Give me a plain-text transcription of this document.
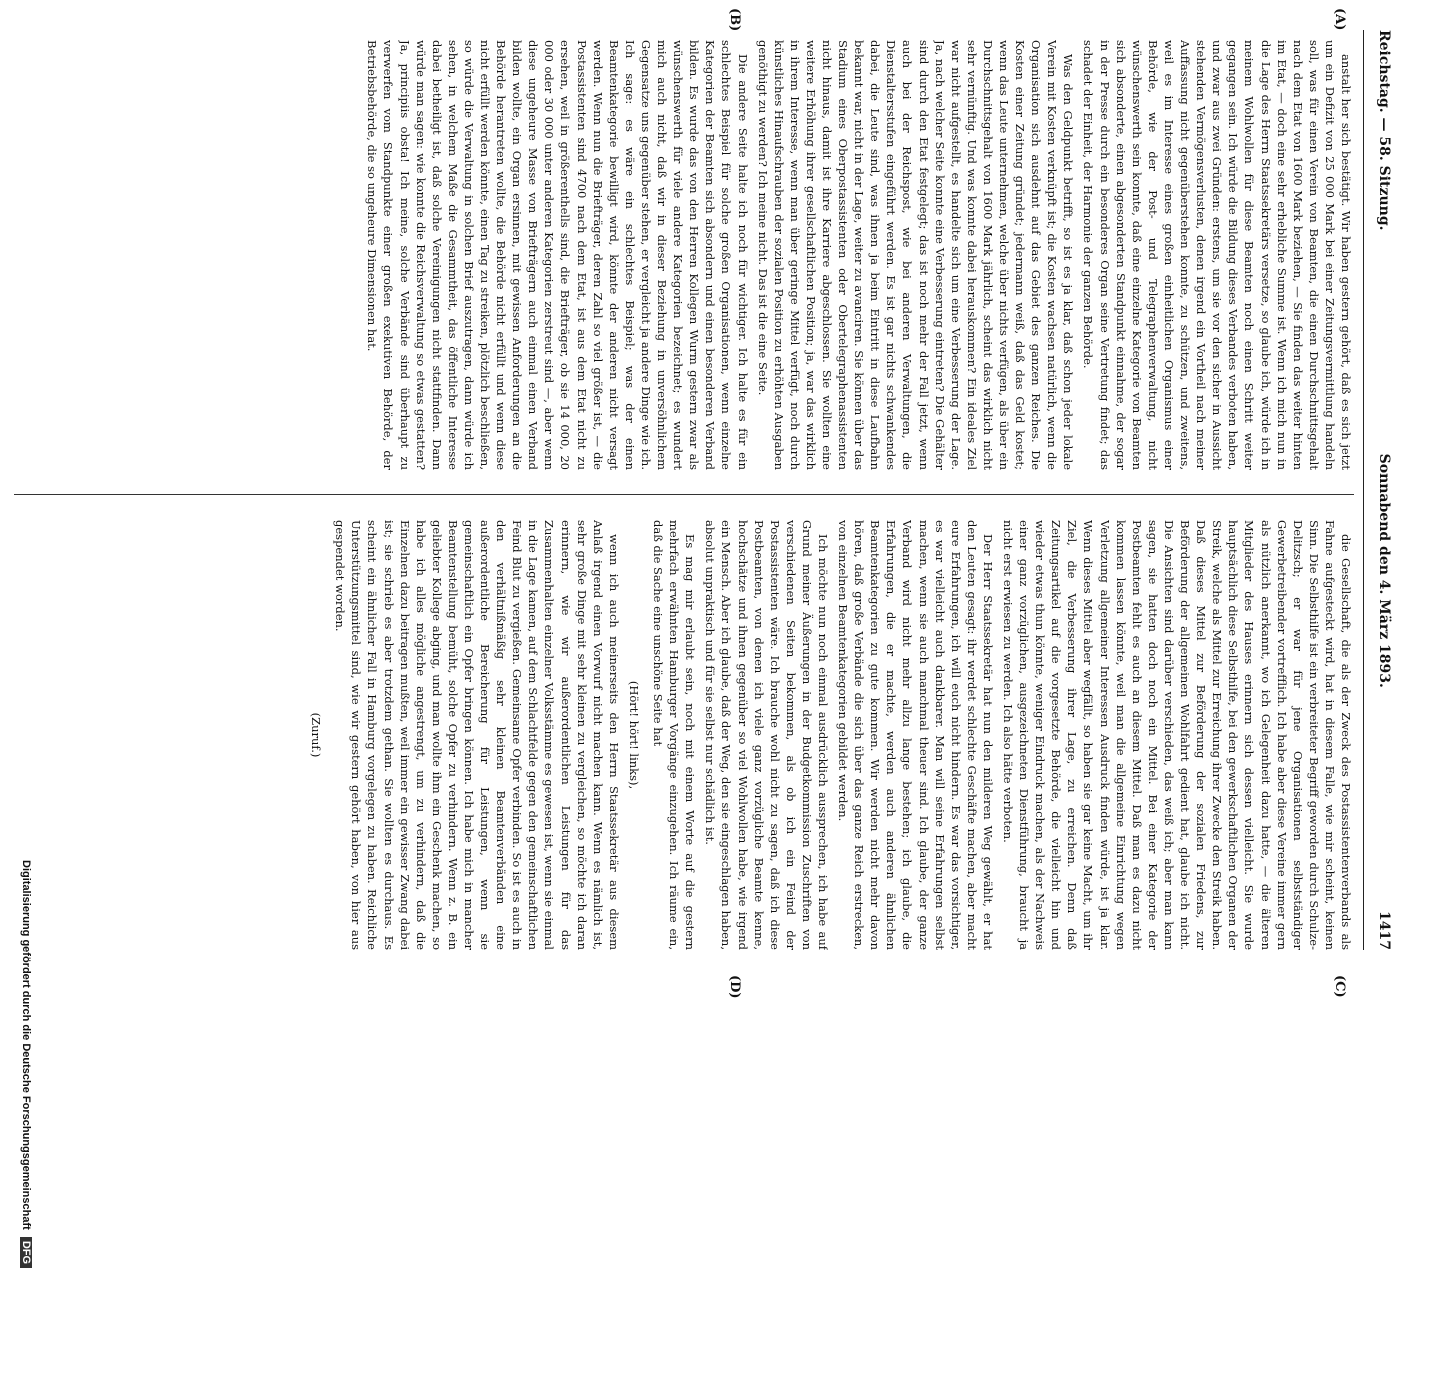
Reichstag. — 58. Sitzung.
Sonnabend den 4. März 1893.
1417
(A)
(B)
(C)
(D)

anstalt her sich bestätigt. Wir haben gestern gehört, daß es sich jetzt um ein Defizit von 25 000 Mark bei einer Zeitungsvermittlung handeln soll, was für einen Verein von Beamten, die einen Durchschnittsgehalt nach dem Etat von 1600 Mark beziehen, — Sie finden das weiter hinten im Etat, — doch eine sehr erhebliche Summe ist. Wenn ich mich nun in die Lage des Herrn Staatssekretärs versetze, so glaube ich, würde ich in meinem Wohlwollen für diese Beamten noch einen Schritt weiter gegangen sein. Ich würde die Bildung dieses Verbandes verboten haben, und zwar aus zwei Gründen: erstens, um sie vor den sicher in Aussicht stehenden Vermögensverlusten, denen irgend ein Vortheil nach meiner Auffassung nicht gegenüberstehen konnte, zu schützen, und zweitens, weil es im Interesse eines großen einheitlichen Organismus einer Behörde, wie der Post- und Telegraphenverwaltung, nicht wünschenswerth sein konnte, daß eine einzelne Kategorie von Beamten sich absonderte, einen abgesonderten Standpunkt einnahme, der sogar in der Presse durch ein besonderes Organ seine Vertretung findet; das schadet der Einheit, der Harmonie der ganzen Behörde.

Was den Geldpunkt betrifft, so ist es ja klar, daß schon jeder lokale Verein mit Kosten verknüpft ist; die Kosten wachsen natürlich, wenn die Organisation sich ausdehnt auf das Gebiet des ganzen Reiches. Die Kosten einer Zeitung gründet; jedermann weiß, daß das Geld kostet; wenn das Leute unternehmen, welche über nichts verfügen, als über ein Durchschnittsgehalt von 1600 Mark jährlich, scheint das wirklich nicht sehr vernünftig. Und was konnte dabei herauskommen? Ein ideales Ziel war nicht aufgestellt, es handelte sich um eine Verbesserung der Lage. Ja, nach welcher Seite konnte eine Verbesserung eintreten? Die Gehälter sind durch den Etat festgelegt; das ist noch mehr der Fall jetzt, wenn auch bei der Reichspost, wie bei anderen Verwaltungen, die Dienstaltersstufen eingeführt werden. Es ist gar nichts schwankendes dabei, die Leute sind, was ihnen ja beim Eintritt in diese Laufbahn bekannt war, nicht in der Lage, weiter zu avanciren. Sie können über das Stadium eines Oberpostassistenten oder Obertelegraphenassistenten nicht hinaus, damit ist ihre Karriere abgeschlossen. Sie wollten eine weitere Erhöhung ihrer gesellschaftlichen Position; ja, war das wirklich in ihrem Interesse, wenn man über geringe Mittel verfügt, noch durch künstliches Hinaufschrauben der sozialen Position zu erhöhten Ausgaben genöthigt zu werden? Ich meine nicht. Das ist die eine Seite.

Die andere Seite halte ich noch für wichtiger. Ich halte es für ein schlechtes Beispiel für solche großen Organisationen, wenn einzelne Kategorien der Beamten sich absondern und einen besonderen Verband bilden. Es wurde das von den Herren Kollegen Wurm gestern zwar als wünschenswerth für viele andere Kategorien bezeichnet; es wundert mich auch nicht, daß wir in dieser Beziehung in unversöhnlichem Gegensatze uns gegenüber stehen, er vergleicht ja andere Dinge wie ich. Ich sage: es wäre ein schlechtes Beispiel; was der einen Beamtenkategorie bewilligt wird, könnte der anderen nicht versagt werden. Wenn nun die Briefträger, deren Zahl so viel größer ist, — die Postassistenten sind 4700 nach dem Etat, ist aus dem Etat nicht zu ersehen, weil in größerenthells sind, die Briefträger, ob sie 14 000, 20 000 oder 30 000 unter anderen Kategorien zerstreut sind —, aber wenn diese ungeheure Masse von Briefträgern auch einmal einen Verband bilden wollte, ein Organ ersinnen, mit gewissen Anforderungen an die Behörde herantreten wollte, die Behörde nicht erfüllt und wenn diese nicht erfüllt werden könnte, einen Tag zu streiken, plötzlich beschließen, so würde die Verwaltung in solchen Brief auszutragen, dann würde ich sehen, in welchem Maße die Gesammtheit, das öffentliche Interesse dabei betheiligt ist, daß solche Vereinigungen nicht stattfinden. Dann würde man sagen: wie konnte die Reichsverwaltung so etwas gestatten? Ja, principiis obsta! Ich meine, solche Verbände sind überhaupt zu verwerfen vom Standpunkte einer großen exekutiven Behörde, der Betriebsbehörde, die so ungeheure Dimensionen hat.

die Gesellschaft, die als der Zweck des Postassistentenverbands als Fahne aufgesteckt wird, hat in diesem Falle, wie mir scheint, keinen Sinn. Die Selbsthilfe ist ein verbreiteter Begriff geworden durch Schulze-Delitzsch; er war für jene Organisationen selbstständiger Gewerbetreibender vortrefflich. Ich habe aber diese Vereine immer gern als nützlich anerkannt, wo ich Gelegenheit dazu hatte, — die älteren Mitglieder des Hauses erinnern sich dessen vielleicht. Sie wurde hauptsächlich diese Selbsthilfe, bei den gewerkschaftlichen Organen der Streik, welche als Mittel zur Erreichung ihrer Zwecke den Streik haben. Daß dieses Mittel zur Beförderung der sozialen Friedens, zur Beförderung der allgemeinen Wohlfahrt gedient hat, glaube ich nicht. Die Ansichten sind darüber verschieden, das weiß ich; aber man kann sagen, sie hatten doch noch ein Mittel. Bei einer Kategorie der Postbeamten fehlt es auch an diesem Mittel. Daß man es dazu nicht kommen lassen könnte, weil man die allgemeine Einrichtung wegen Verletzung allgemeiner Interessen Ausdruck finden würde, ist ja klar. Wenn dieses Mittel aber wegfällt, so haben sie gar keine Macht, um ihr Ziel, die Verbesserung ihrer Lage, zu erreichen. Denn daß Zeitungsartikel auf die vorgesetzte Behörde, die vielleicht hin und wieder etwas thun könnte, weniger Eindruck machen, als der Nachweis einer ganz vorzüglichen, ausgezeichneten Dienstführung, braucht ja nicht erst erwiesen zu werden. Ich also hätte verboten.

Der Herr Staatssekretär hat nun den milderen Weg gewählt, er hat den Leuten gesagt: ihr werdet schlechte Geschäfte machen, aber macht eure Erfahrungen, ich will euch nicht hindern. Es war das vorsichtiger, es war vielleicht auch dankbarer. Man will seine Erfahrungen selbst machen, wenn sie auch manchmal theuer sind. Ich glaube, der ganze Verband wird nicht mehr allzu lange bestehen; ich glaube, die Erfahrungen, die er machte, werden auch anderen ähnlichen Beamtenkategorien zu gute kommen. Wir werden nicht mehr davon hören, daß große Verbände die sich über das ganze Reich erstrecken, von einzelnen Beamtenkategorien gebildet werden.

Ich möchte nun noch einmal ausdrücklich aussprechen, ich habe auf Grund meiner Äußerungen in der Budgetkommission Zuschriften von verschiedenen Seiten bekommen, als ob ich ein Feind der Postassistenten wäre. Ich brauche wohl nicht zu sagen, daß ich diese Postbeamten, von denen ich viele ganz vorzügliche Beamte kenne, hochschätze und ihnen gegenüber so viel Wohlwollen habe, wie irgend ein Mensch. Aber ich glaube, daß der Weg, den sie eingeschlagen haben, absolut unpraktisch und für sie selbst nur schädlich ist.

Es mag mir erlaubt sein, noch mit einem Worte auf die gestern mehrfach erwähnten Hamburger Vorgänge einzugehen. Ich räume ein, daß die Sache eine unschöne Seite hat

(Hört! hört! links),

wenn ich auch meinerseits den Herrn Staatssekretär aus diesem Anlaß irgend einen Vorwurf nicht machen kann. Wenn es nämlich ist, sehr große Dinge mit sehr kleinen zu vergleichen, so möchte ich daran erinnern, wie wir außerordentlichen Leistungen für das Zusammenhalten einzelner Volksstämme es gewesen ist, wenn sie einmal in die Lage kamen, auf dem Schlachtfelde gegen den gemeinschaftlichen Feind Blut zu vergießen. Gemeinsame Opfer verbinden. So ist es auch in den verhältnißmäßig sehr kleinen Beamtenverbänden eine außerordentliche Bereicherung für Leistungen, wenn sie gemeinschaftlich ein Opfer bringen können. Ich habe mich in mancher Beamtenstellung bemüht, solche Opfer zu verhindern. Wenn z. B. ein geliebter Kollege abging, und man wollte ihm ein Geschenk machen, so habe ich alles mögliche angestrengt, um zu verhindern, daß die Einzelnen dazu beitragen mußten, weil immer ein gewisser Zwang dabei ist; sie schrieb es aber trotzdem gethan. Sie wollten es durchaus. Es scheint ein ähnlicher Fall in Hamburg vorgelegen zu haben. Reichliche Unterstützungsmittel sind, wie wir gestern gehört haben, von hier aus gespendet worden.

(Zuruf.)

Digitalisierung gefördert durch die Deutsche Forschungsgemeinschaft DFG
